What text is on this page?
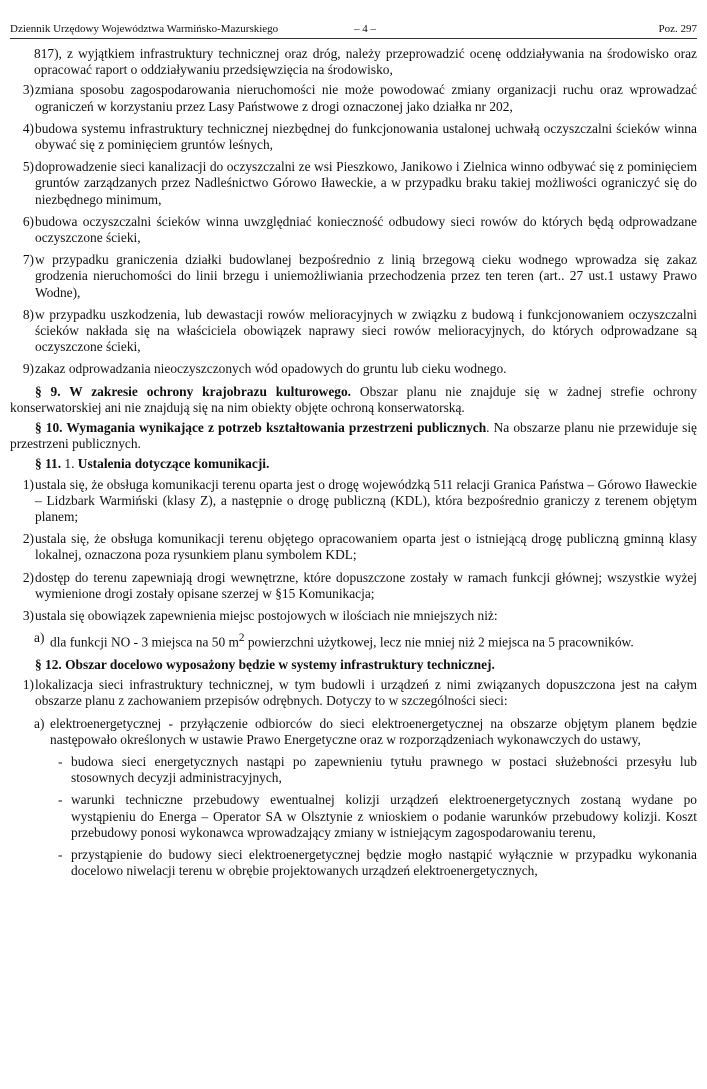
Dziennik Urzędowy Województwa Warmińsko-Mazurskiego	– 4 –	Poz. 297

817), z wyjątkiem infrastruktury technicznej oraz dróg, należy przeprowadzić ocenę oddziaływania na środowisko oraz opracować raport o oddziaływaniu przedsięwzięcia na środowisko,

3) zmiana sposobu zagospodarowania nieruchomości nie może powodować zmiany organizacji ruchu oraz wprowadzać ograniczeń w korzystaniu przez Lasy Państwowe z drogi oznaczonej jako działka nr 202,
4) budowa systemu infrastruktury technicznej niezbędnej do funkcjonowania ustalonej uchwałą oczyszczalni ścieków winna obywać się z pominięciem gruntów leśnych,
5) doprowadzenie sieci kanalizacji do oczyszczalni ze wsi Pieszkowo, Janikowo i Zielnica winno odbywać się z pominięciem gruntów zarządzanych przez Nadleśnictwo Górowo Iławeckie, a w przypadku braku takiej możliwości ograniczyć się do niezbędnego minimum,
6) budowa oczyszczalni ścieków winna uwzględniać konieczność odbudowy sieci rowów do których będą odprowadzane oczyszczone ścieki,
7) w przypadku graniczenia działki budowlanej bezpośrednio z linią brzegową cieku wodnego wprowadza się zakaz grodzenia nieruchomości do linii brzegu i uniemożliwiania przechodzenia przez ten teren (art.. 27 ust.1 ustawy Prawo Wodne),
8) w przypadku uszkodzenia, lub dewastacji rowów melioracyjnych w związku z budową i funkcjonowaniem oczyszczalni ścieków nakłada się na właściciela obowiązek naprawy sieci rowów melioracyjnych, do których odprowadzane są oczyszczone ścieki,
9) zakaz odprowadzania nieoczyszczonych wód opadowych do gruntu lub cieku wodnego.

§ 9. W zakresie ochrony krajobrazu kulturowego. Obszar planu nie znajduje się w żadnej strefie ochrony konserwatorskiej ani nie znajdują się na nim obiekty objęte ochroną konserwatorską.

§ 10. Wymagania wynikające z potrzeb kształtowania przestrzeni publicznych. Na obszarze planu nie przewiduje się przestrzeni publicznych.

§ 11. 1. Ustalenia dotyczące komunikacji.

1) ustala się, że obsługa komunikacji terenu oparta jest o drogę wojewódzką 511 relacji Granica Państwa – Górowo Iławeckie – Lidzbark Warmiński (klasy Z), a następnie o drogę publiczną (KDL), która bezpośrednio graniczy z terenem objętym planem;
2) ustala się, że obsługa komunikacji terenu objętego opracowaniem oparta jest o istniejącą drogę publiczną gminną klasy lokalnej, oznaczona poza rysunkiem planu symbolem KDL;
2) dostęp do terenu zapewniają drogi wewnętrzne, które dopuszczone zostały w ramach funkcji głównej; wszystkie wyżej wymienione drogi zostały opisane szerzej w §15 Komunikacja;
3) ustala się obowiązek zapewnienia miejsc postojowych w ilościach nie mniejszych niż:
a) dla funkcji NO - 3 miejsca na 50 $m^2$ powierzchni użytkowej, lecz nie mniej niż 2 miejsca na 5 pracowników.

§ 12. Obszar docelowo wyposażony będzie w systemy infrastruktury technicznej.

1) lokalizacja sieci infrastruktury technicznej, w tym budowli i urządzeń z nimi związanych dopuszczona jest na całym obszarze planu z zachowaniem przepisów odrębnych. Dotyczy to w szczególności sieci:
a) elektroenergetycznej - przyłączenie odbiorców do sieci elektroenergetycznej na obszarze objętym planem będzie następowało określonych w ustawie Prawo Energetyczne oraz w rozporządzeniach wykonawczych do ustawy,
- budowa sieci energetycznych nastąpi po zapewnieniu tytułu prawnego w postaci służebności przesyłu lub stosownych decyzji administracyjnych,
- warunki techniczne przebudowy ewentualnej kolizji urządzeń elektroenergetycznych zostaną wydane po wystąpieniu do Energa – Operator SA w Olsztynie z wnioskiem o podanie warunków przebudowy kolizji. Koszt przebudowy ponosi wykonawca wprowadzający zmiany w istniejącym zagospodarowaniu terenu,
- przystąpienie do budowy sieci elektroenergetycznej będzie mogło nastąpić wyłącznie w przypadku wykonania docelowo niwelacji terenu w obrębie projektowanych urządzeń elektroenergetycznych,
